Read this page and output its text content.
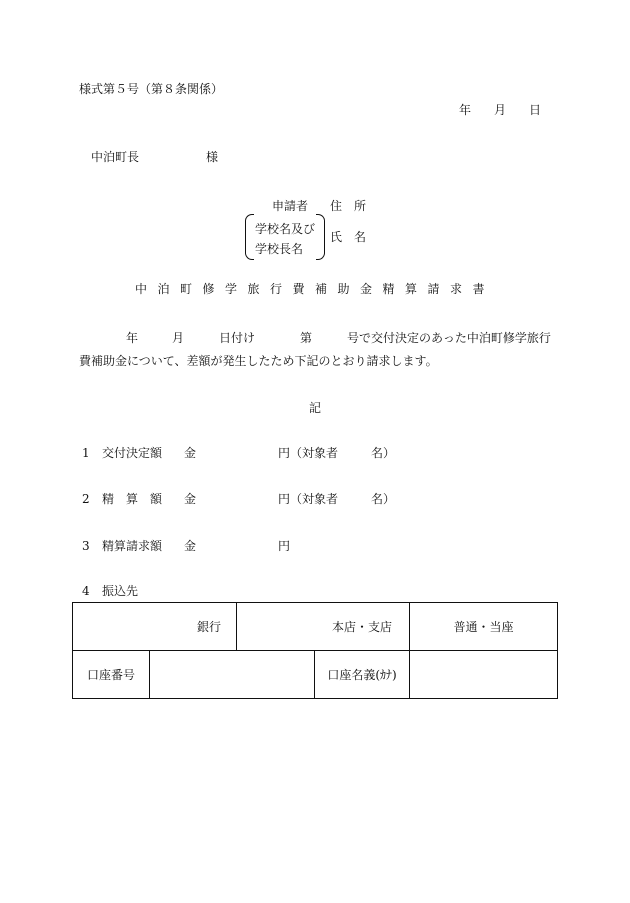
様式第５号（第８条関係）
年 月 日
中泊町長	様
申請者 住　所
学校名及び
学校長名
氏　名
中泊町修学旅行費補助金精算請求書
年	月	日付け	第	号で交付決定のあった中泊町修学旅行
費補助金について、差額が発生したため下記のとおり請求します。
記
1 交付決定額 金	円（対象者	名）
2 精　算　額 金	円（対象者	名）
3 精算請求額 金	円
4 振込先
銀行		本店・支店		普通・当座
口座番号			口座名義(ｶﾅ)	
